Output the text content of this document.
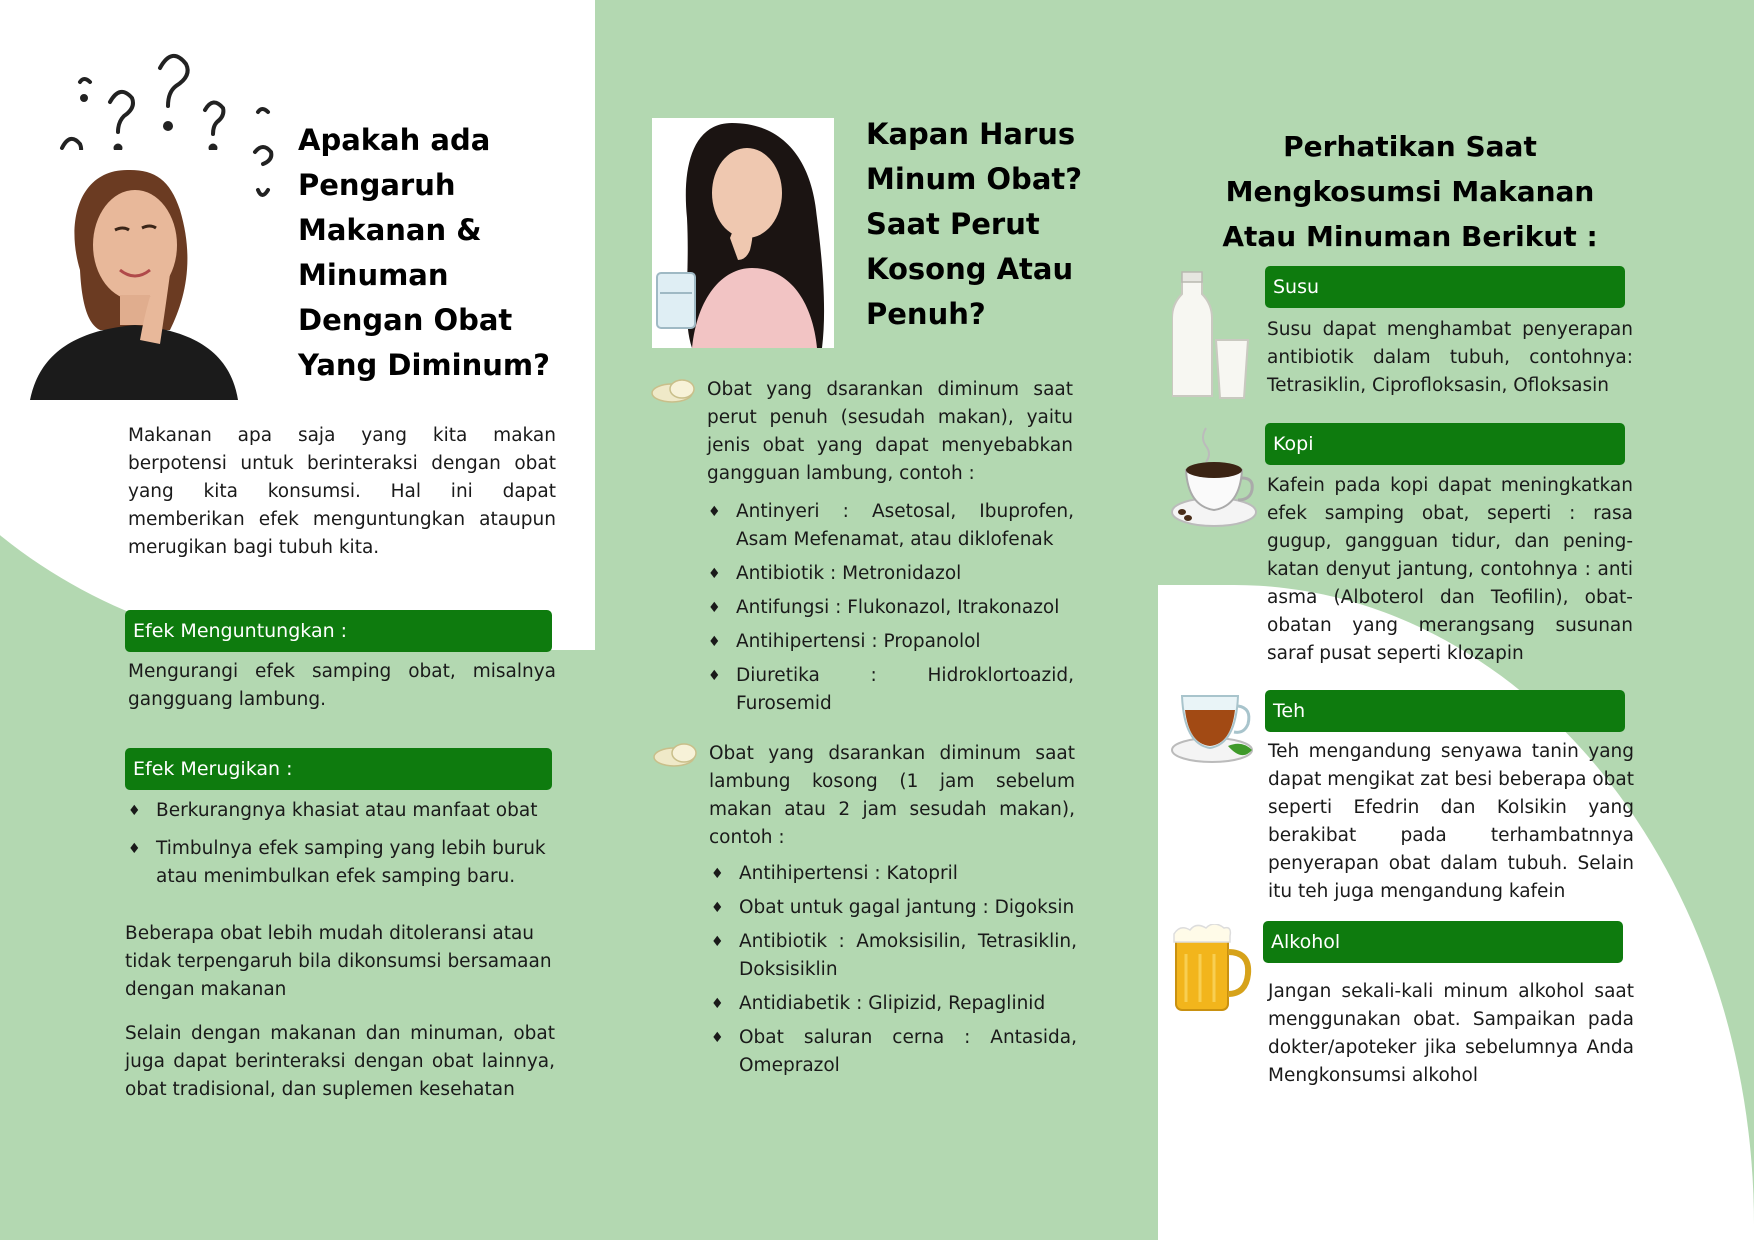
Apakah ada Pengaruh Makanan & Minuman Dengan Obat Yang Diminum?
Makanan apa saja yang kita makan berpotensi untuk berinteraksi dengan obat yang kita konsumsi. Hal ini dapat memberikan efek menguntungkan ataupun merugikan bagi tubuh kita.
Efek Menguntungkan :
Mengurangi efek samping obat, misalnya gangguang lambung.
Efek Merugikan :
♦ Berkurangnya khasiat atau manfaat obat
♦ Timbulnya efek samping yang lebih buruk atau menimbulkan efek samping baru.
Beberapa obat lebih mudah ditoleransi atau tidak terpengaruh bila dikonsumsi bersamaan dengan makanan
Selain dengan makanan dan minuman, obat juga dapat berinteraksi dengan obat lainnya, obat tradisional, dan suplemen kesehatan
Kapan Harus Minum Obat? Saat Perut Kosong Atau Penuh?
Obat yang dsarankan diminum saat perut penuh (sesudah makan), yaitu jenis obat yang dapat menyebabkan gangguan lambung, contoh :
♦ Antinyeri : Asetosal, Ibuprofen, Asam Mefenamat, atau diklofenak
♦ Antibiotik : Metronidazol
♦ Antifungsi : Flukonazol, Itrakonazol
♦ Antihipertensi : Propanolol
♦ Diuretika : Hidroklortoazid, Furosemid
Obat yang dsarankan diminum saat lambung kosong (1 jam sebelum makan atau 2 jam sesudah makan), contoh :
♦ Antihipertensi : Katopril
♦ Obat untuk gagal jantung : Digoksin
♦ Antibiotik : Amoksisilin, Tetrasiklin, Doksisiklin
♦ Antidiabetik : Glipizid, Repaglinid
♦ Obat saluran cerna : Antasida, Omeprazol
Perhatikan Saat Mengkosumsi Makanan Atau Minuman Berikut :
Susu
Susu dapat menghambat penyerapan antibiotik dalam tubuh, contohnya: Tetrasiklin, Ciprofloksasin, Ofloksasin
Kopi
Kafein pada kopi dapat meningkatkan efek samping obat, seperti : rasa gugup, gangguan tidur, dan pening-katan denyut jantung, contohnya : anti asma (Alboterol dan Teofilin), obat-obatan yang merangsang susunan saraf pusat seperti klozapin
Teh
Teh mengandung senyawa tanin yang dapat mengikat zat besi beberapa obat seperti Efedrin dan Kolsikin yang berakibat pada terhambatnnya penyerapan obat dalam tubuh. Selain itu teh juga mengandung kafein
Alkohol
Jangan sekali-kali minum alkohol saat menggunakan obat. Sampaikan pada dokter/apoteker jika sebelumnya Anda Mengkonsumsi alkohol
